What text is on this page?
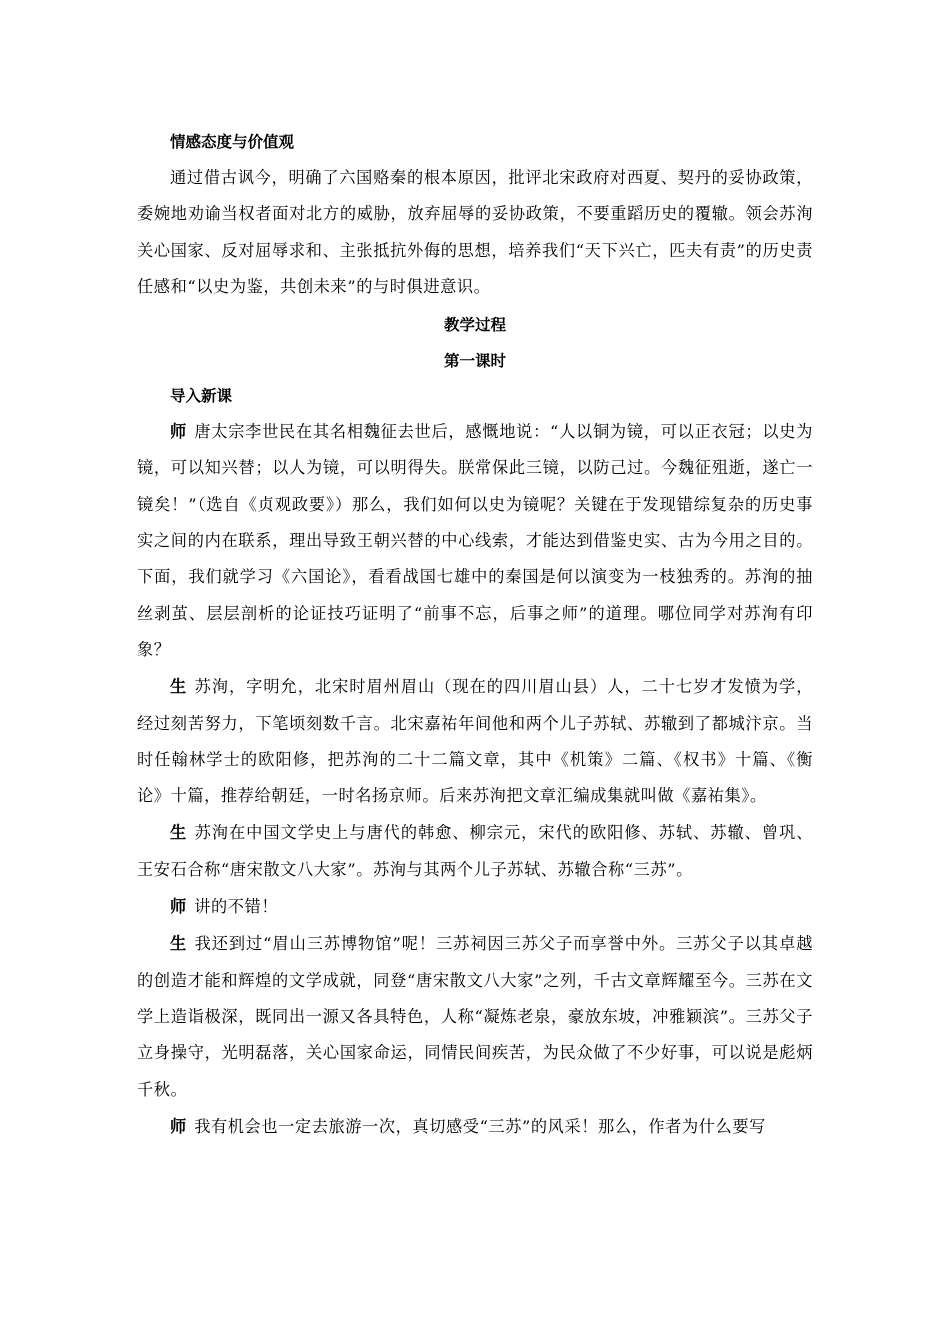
情感态度与价值观

通过借古讽今，明确了六国赂秦的根本原因，批评北宋政府对西夏、契丹的妥协政策，委婉地劝谕当权者面对北方的威胁，放弃屈辱的妥协政策，不要重蹈历史的覆辙。领会苏洵关心国家、反对屈辱求和、主张抵抗外侮的思想，培养我们“天下兴亡，匹夫有责”的历史责任感和“以史为鉴，共创未来”的与时俱进意识。

教学过程

第一课时

导入新课

师 唐太宗李世民在其名相魏征去世后，感慨地说：“人以铜为镜，可以正衣冠；以史为镜，可以知兴替；以人为镜，可以明得失。朕常保此三镜，以防己过。今魏征殂逝，遂亡一镜矣！”（选自《贞观政要》）那么，我们如何以史为镜呢？关键在于发现错综复杂的历史事实之间的内在联系，理出导致王朝兴替的中心线索，才能达到借鉴史实、古为今用之目的。下面，我们就学习《六国论》，看看战国七雄中的秦国是何以演变为一枝独秀的。苏洵的抽丝剥茧、层层剖析的论证技巧证明了“前事不忘，后事之师”的道理。哪位同学对苏洵有印象？

生 苏洵，字明允，北宋时眉州眉山（现在的四川眉山县）人，二十七岁才发愤为学，经过刻苦努力，下笔顷刻数千言。北宋嘉祐年间他和两个儿子苏轼、苏辙到了都城汴京。当时任翰林学士的欧阳修，把苏洵的二十二篇文章，其中《机策》二篇、《权书》十篇、《衡论》十篇，推荐给朝廷，一时名扬京师。后来苏洵把文章汇编成集就叫做《嘉祐集》。

生 苏洵在中国文学史上与唐代的韩愈、柳宗元，宋代的欧阳修、苏轼、苏辙、曾巩、王安石合称“唐宋散文八大家”。苏洵与其两个儿子苏轼、苏辙合称“三苏”。

师 讲的不错！

生 我还到过“眉山三苏博物馆”呢！三苏祠因三苏父子而享誉中外。三苏父子以其卓越的创造才能和辉煌的文学成就，同登“唐宋散文八大家”之列，千古文章辉耀至今。三苏在文学上造诣极深，既同出一源又各具特色，人称“凝炼老泉，豪放东坡，冲雅颖滨”。三苏父子立身操守，光明磊落，关心国家命运，同情民间疾苦，为民众做了不少好事，可以说是彪炳千秋。

师 我有机会也一定去旅游一次，真切感受“三苏”的风采！那么，作者为什么要写
